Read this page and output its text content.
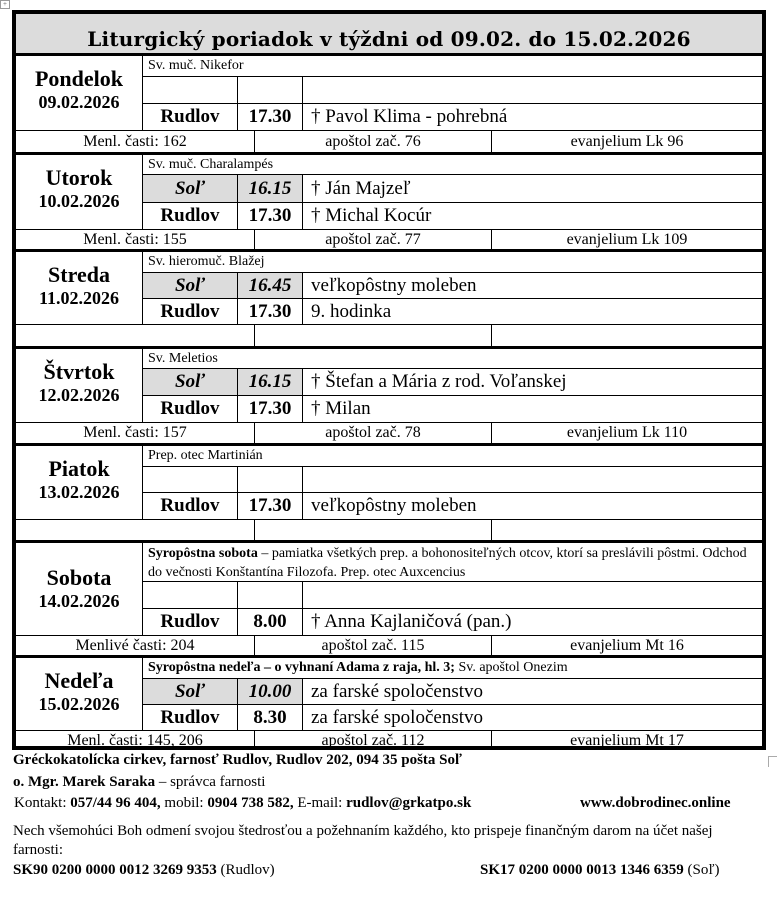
+
Liturgický poriadok v týždni od 09.02. do 15.02.2026
Pondelok
09.02.2026
Sv. muč. Nikefor
Rudlov	17.30	† Pavol Klima - pohrebná
Menl. časti: 162	apoštol zač. 76	evanjelium Lk 96
Utorok
10.02.2026
Sv. muč. Charalampés
Soľ	16.15	† Ján Majzeľ
Rudlov	17.30	† Michal Kocúr
Menl. časti: 155	apoštol zač. 77	evanjelium Lk 109
Streda
11.02.2026
Sv. hieromuč. Blažej
Soľ	16.45	veľkopôstny moleben
Rudlov	17.30	9. hodinka
Štvrtok
12.02.2026
Sv. Meletios
Soľ	16.15	† Štefan a Mária z rod. Voľanskej
Rudlov	17.30	† Milan
Menl. časti: 157	apoštol zač. 78	evanjelium Lk 110
Piatok
13.02.2026
Prep. otec Martinián
Rudlov	17.30	veľkopôstny moleben
Sobota
14.02.2026
Syropôstna sobota – pamiatka všetkých prep. a bohonositeľných otcov, ktorí sa preslávili pôstmi. Odchod do večnosti Konštantína Filozofa. Prep. otec Auxcencius
Rudlov	8.00	† Anna Kajlaničová (pan.)
Menlivé časti: 204	apoštol zač. 115	evanjelium Mt 16
Nedeľa
15.02.2026
Syropôstna nedeľa – o vyhnaní Adama z raja, hl. 3; Sv. apoštol Onezim
Soľ	10.00	za farské spoločenstvo
Rudlov	8.30	za farské spoločenstvo
Menl. časti: 145, 206	apoštol zač. 112	evanjelium Mt 17
Gréckokatolícka cirkev, farnosť Rudlov, Rudlov 202, 094 35 pošta Soľ
o. Mgr. Marek Saraka – správca farnosti
Kontakt: 057/44 96 404, mobil: 0904 738 582, E-mail: rudlov@grkatpo.sk	www.dobrodinec.online
Nech všemohúci Boh odmení svojou štedrosťou a požehnaním každého, kto prispeje finančným darom na účet našej farnosti:
SK90 0200 0000 0012 3269 9353 (Rudlov)	SK17 0200 0000 0013 1346 6359 (Soľ)
